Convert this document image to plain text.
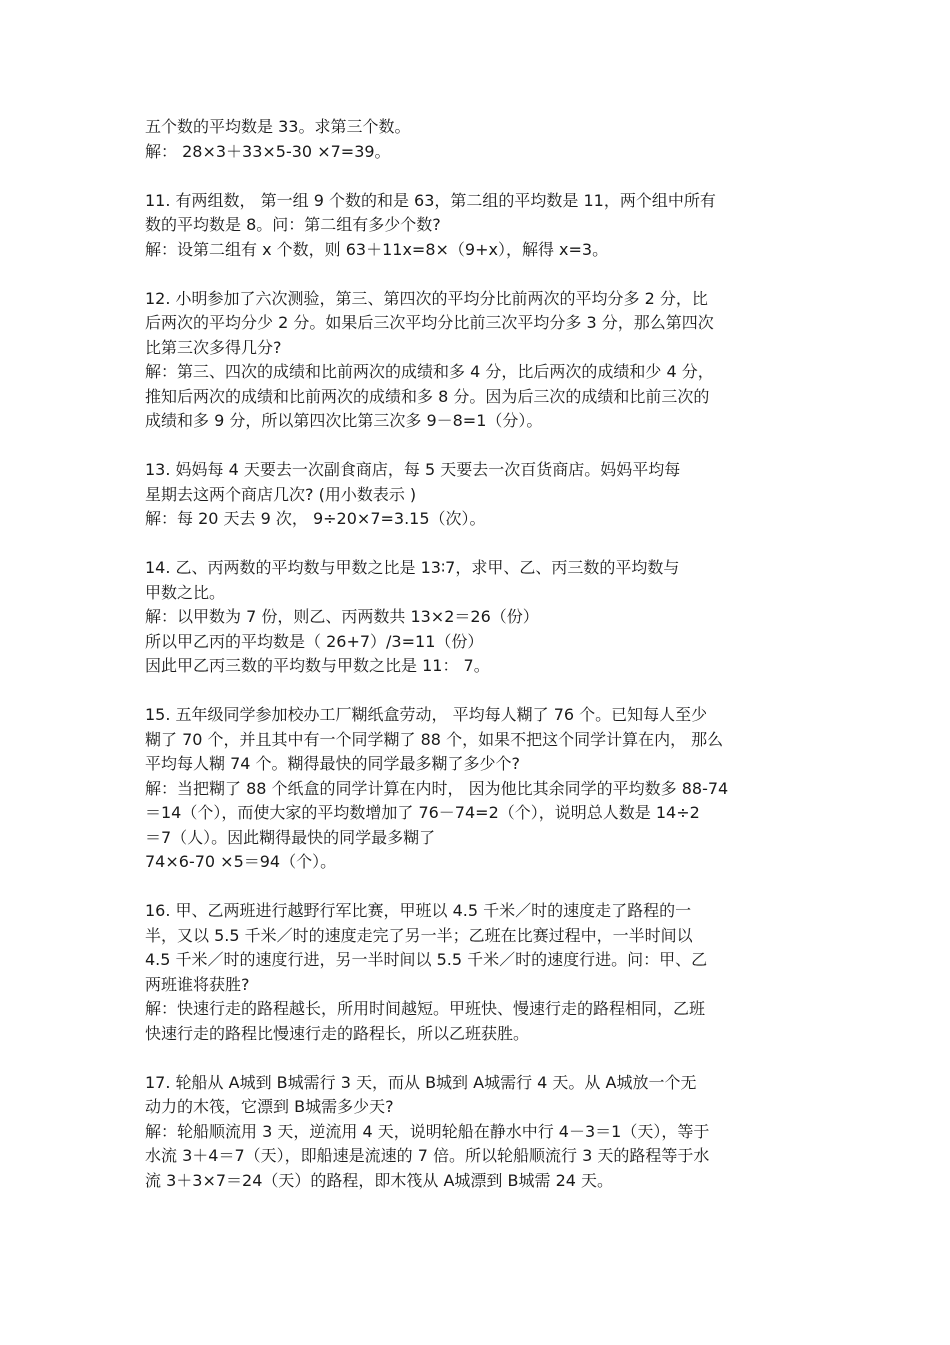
五个数的平均数是 33。求第三个数。

解： 28×3＋33×5-30 ×7=39。

11. 有两组数， 第一组 9 个数的和是 63，第二组的平均数是 11，两个组中所有

数的平均数是 8。问：第二组有多少个数?

解：设第二组有 x 个数，则 63＋11x=8×（9+x），解得 x=3。

12. 小明参加了六次测验，第三、第四次的平均分比前两次的平均分多 2 分，比

后两次的平均分少 2 分。如果后三次平均分比前三次平均分多 3 分，那么第四次

比第三次多得几分?

解：第三、四次的成绩和比前两次的成绩和多 4 分，比后两次的成绩和少 4 分，

推知后两次的成绩和比前两次的成绩和多 8 分。因为后三次的成绩和比前三次的

成绩和多 9 分，所以第四次比第三次多 9－8=1（分）。

13. 妈妈每 4 天要去一次副食商店，每 5 天要去一次百货商店。妈妈平均每

星期去这两个商店几次? (用小数表示 )

解：每 20 天去 9 次， 9÷20×7=3.15（次）。

14. 乙、丙两数的平均数与甲数之比是 13∶7，求甲、乙、丙三数的平均数与

甲数之比。

解：以甲数为 7 份，则乙、丙两数共 13×2＝26（份）

所以甲乙丙的平均数是（ 26+7）/3=11（份）

因此甲乙丙三数的平均数与甲数之比是 11： 7。

15. 五年级同学参加校办工厂糊纸盒劳动， 平均每人糊了 76 个。已知每人至少

糊了 70 个，并且其中有一个同学糊了 88 个，如果不把这个同学计算在内， 那么

平均每人糊 74 个。糊得最快的同学最多糊了多少个?

解：当把糊了 88 个纸盒的同学计算在内时， 因为他比其余同学的平均数多 88-74

＝14（个），而使大家的平均数增加了 76－74=2（个），说明总人数是 14÷2

＝7（人）。因此糊得最快的同学最多糊了

74×6-70 ×5＝94（个）。

16. 甲、乙两班进行越野行军比赛，甲班以 4.5 千米／时的速度走了路程的一

半，又以 5.5 千米／时的速度走完了另一半；乙班在比赛过程中，一半时间以

4.5 千米／时的速度行进，另一半时间以 5.5 千米／时的速度行进。问：甲、乙

两班谁将获胜?

解：快速行走的路程越长，所用时间越短。甲班快、慢速行走的路程相同，乙班

快速行走的路程比慢速行走的路程长，所以乙班获胜。

17. 轮船从 A城到 B城需行 3 天，而从 B城到 A城需行 4 天。从 A城放一个无

动力的木筏，它漂到 B城需多少天?

解：轮船顺流用 3 天，逆流用 4 天，说明轮船在静水中行 4－3＝1（天），等于

水流 3＋4＝7（天），即船速是流速的 7 倍。所以轮船顺流行 3 天的路程等于水

流 3＋3×7＝24（天）的路程，即木筏从 A城漂到 B城需 24 天。
